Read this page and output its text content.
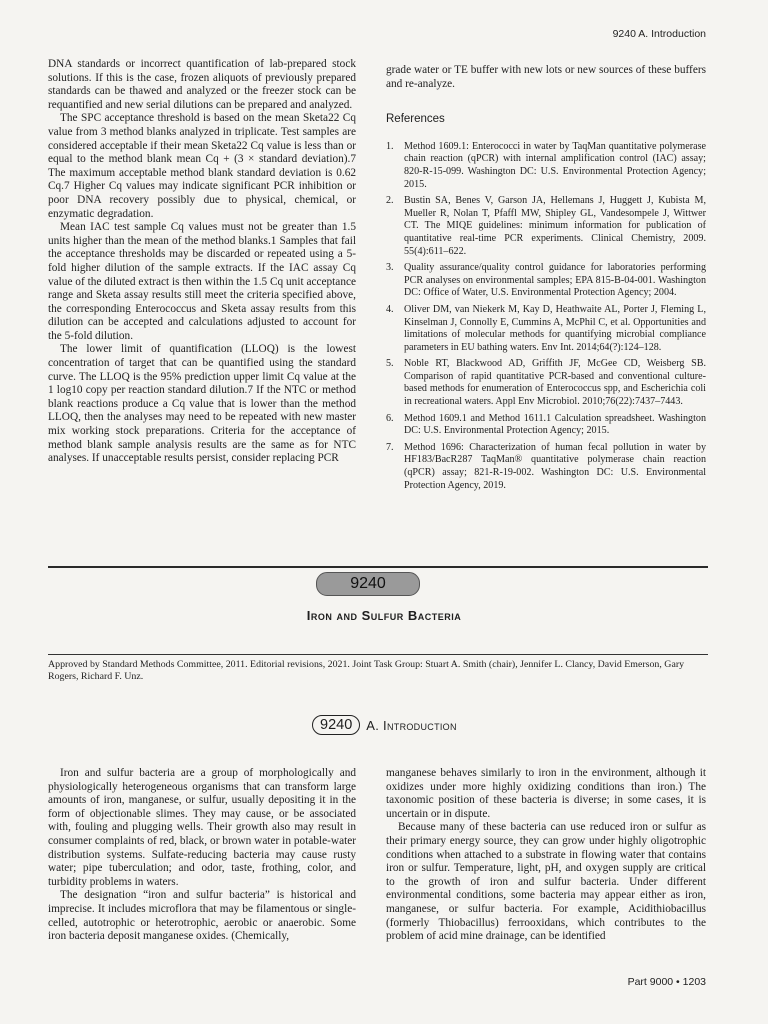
9240 A. Introduction

DNA standards or incorrect quantification of lab-prepared stock solutions. If this is the case, frozen aliquots of previously prepared standards can be thawed and analyzed or the freezer stock can be requantified and new serial dilutions can be prepared and analyzed.

The SPC acceptance threshold is based on the mean Sketa22 Cq value from 3 method blanks analyzed in triplicate. Test samples are considered acceptable if their mean Sketa22 Cq value is less than or equal to the method blank mean Cq + (3 × standard deviation).7 The maximum acceptable method blank standard deviation is 0.62 Cq.7 Higher Cq values may indicate significant PCR inhibition or poor DNA recovery possibly due to physical, chemical, or enzymatic degradation.

Mean IAC test sample Cq values must not be greater than 1.5 units higher than the mean of the method blanks.1 Samples that fail the acceptance thresholds may be discarded or repeated using a 5-fold higher dilution of the sample extracts. If the IAC assay Cq value of the diluted extract is then within the 1.5 Cq unit acceptance range and Sketa assay results still meet the criteria specified above, the corresponding Enterococcus and Sketa assay results from this dilution can be accepted and calculations adjusted to account for the 5-fold dilution.

The lower limit of quantification (LLOQ) is the lowest concentration of target that can be quantified using the standard curve. The LLOQ is the 95% prediction upper limit Cq value at the 1 log10 copy per reaction standard dilution.7 If the NTC or method blank reactions produce a Cq value that is lower than the method LLOQ, then the analyses may need to be repeated with new master mix working stock preparations. Criteria for the acceptance of method blank sample analysis results are the same as for NTC analyses. If unacceptable results persist, consider replacing PCR

grade water or TE buffer with new lots or new sources of these buffers and re-analyze.

References
1. Method 1609.1: Enterococci in water by TaqMan quantitative polymerase chain reaction (qPCR) with internal amplification control (IAC) assay; 820-R-15-099. Washington DC: U.S. Environmental Protection Agency; 2015.
2. Bustin SA, Benes V, Garson JA, Hellemans J, Huggett J, Kubista M, Mueller R, Nolan T, Pfaffl MW, Shipley GL, Vandesompele J, Wittwer CT. The MIQE guidelines: minimum information for publication of quantitative real-time PCR experiments. Clinical Chemistry, 2009. 55(4):611–622.
3. Quality assurance/quality control guidance for laboratories performing PCR analyses on environmental samples; EPA 815-B-04-001. Washington DC: Office of Water, U.S. Environmental Protection Agency; 2004.
4. Oliver DM, van Niekerk M, Kay D, Heathwaite AL, Porter J, Fleming L, Kinselman J, Connolly E, Cummins A, McPhil C, et al. Opportunities and limitations of molecular methods for quantifying microbial compliance parameters in EU bathing waters. Env Int. 2014;64(?):124–128.
5. Noble RT, Blackwood AD, Griffith JF, McGee CD, Weisberg SB. Comparison of rapid quantitative PCR-based and conventional culture-based methods for enumeration of Enterococcus spp, and Escherichia coli in recreational waters. Appl Env Microbiol. 2010;76(22):7437–7443.
6. Method 1609.1 and Method 1611.1 Calculation spreadsheet. Washington DC: U.S. Environmental Protection Agency; 2015.
7. Method 1696: Characterization of human fecal pollution in water by HF183/BacR287 TaqMan® quantitative polymerase chain reaction (qPCR) assay; 821-R-19-002. Washington DC: U.S. Environmental Protection Agency, 2019.
9240
Iron and Sulfur Bacteria
Approved by Standard Methods Committee, 2011. Editorial revisions, 2021. Joint Task Group: Stuart A. Smith (chair), Jennifer L. Clancy, David Emerson, Gary Rogers, Richard F. Unz.
9240	A. Introduction

Iron and sulfur bacteria are a group of morphologically and physiologically heterogeneous organisms that can transform large amounts of iron, manganese, or sulfur, usually depositing it in the form of objectionable slimes. They may cause, or be associated with, fouling and plugging wells. Their growth also may result in consumer complaints of red, black, or brown water in potable-water distribution systems. Sulfate-reducing bacteria may cause rusty water; pipe tuberculation; and odor, taste, frothing, color, and turbidity problems in waters.

The designation “iron and sulfur bacteria” is historical and imprecise. It includes microflora that may be filamentous or single-celled, autotrophic or heterotrophic, aerobic or anaerobic. Some iron bacteria deposit manganese oxides. (Chemically,

manganese behaves similarly to iron in the environment, although it oxidizes under more highly oxidizing conditions than iron.) The taxonomic position of these bacteria is diverse; in some cases, it is uncertain or in dispute.

Because many of these bacteria can use reduced iron or sulfur as their primary energy source, they can grow under highly oligotrophic conditions when attached to a substrate in flowing water that contains iron or sulfur. Temperature, light, pH, and oxygen supply are critical to the growth of iron and sulfur bacteria. Under different environmental conditions, some bacteria may appear either as iron, manganese, or sulfur bacteria. For example, Acidithiobacillus (formerly Thiobacillus) ferrooxidans, which contributes to the problem of acid mine drainage, can be identified

Part 9000 • 1203
